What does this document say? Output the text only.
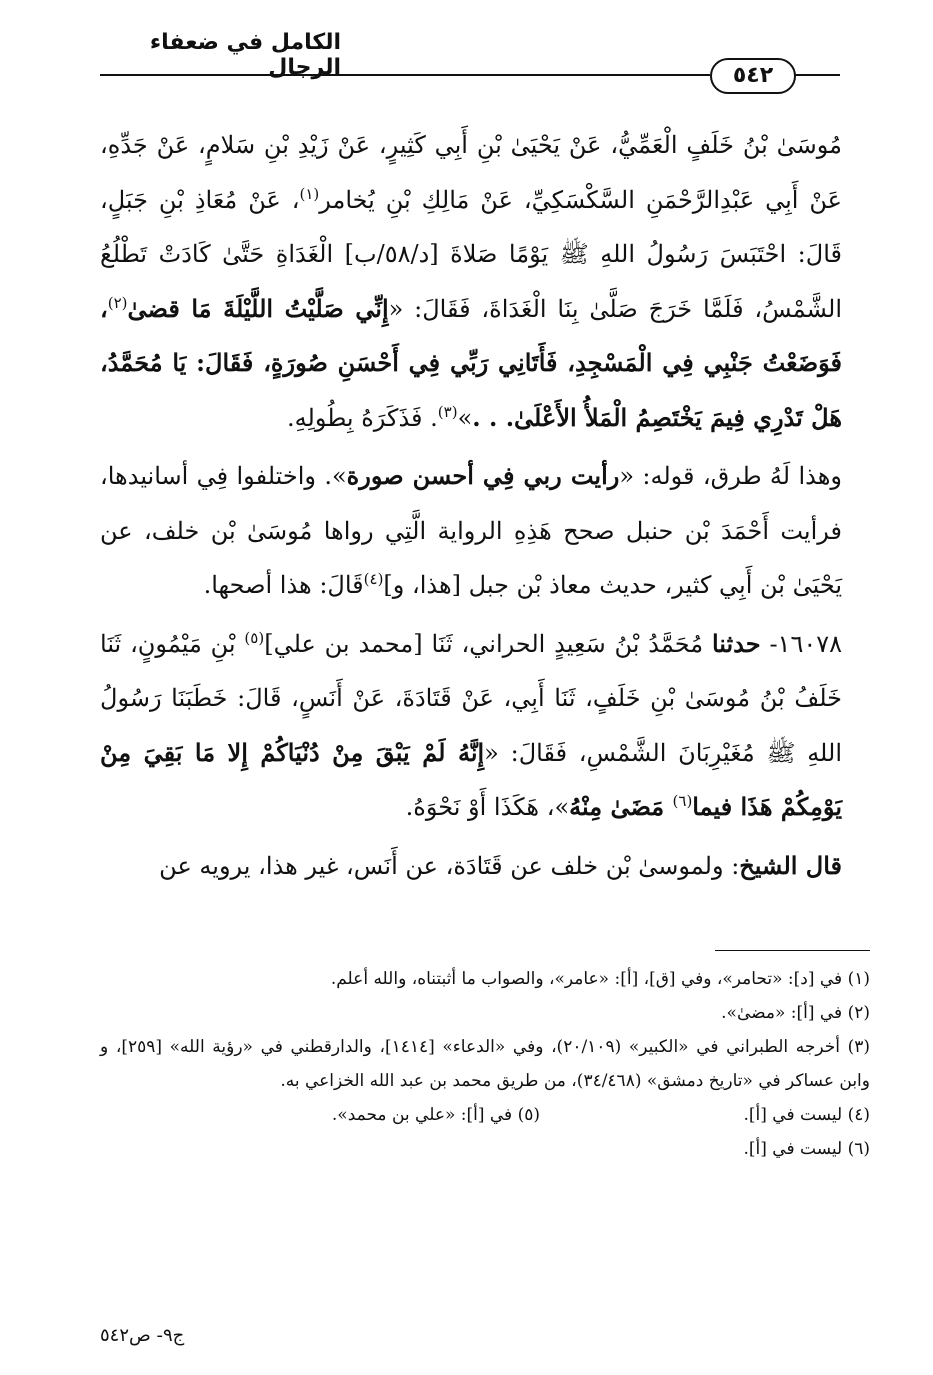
الكامل في ضعفاء الرجال	٥٤٢

مُوسَىٰ بْنُ خَلَفٍ الْعَمِّيُّ، عَنْ يَحْيَىٰ بْنِ أَبِي كَثِيرٍ، عَنْ زَيْدِ بْنِ سَلامٍ، عَنْ جَدِّهِ، عَنْ أَبِي عَبْدِالرَّحْمَنِ السَّكْسَكِيِّ، عَنْ مَالِكِ بْنِ يُخامر$^{(١)}$، عَنْ مُعَاذِ بْنِ جَبَلٍ، قَالَ: احْتَبَسَ رَسُولُ اللهِ ﷺ يَوْمًا صَلاةَ [د/٥٨/ب] الْغَدَاةِ حَتَّىٰ كَادَتْ تَطْلُعُ الشَّمْسُ، فَلَمَّا خَرَجَ صَلَّىٰ بِنَا الْغَدَاةَ، فَقَالَ: «إِنِّي صَلَّيْتُ اللَّيْلَةَ مَا قضىٰ$^{(٢)}$، فَوَضَعْتُ جَنْبِي فِي الْمَسْجِدِ، فَأَتَانِي رَبِّي فِي أَحْسَنِ صُورَةٍ، فَقَالَ: يَا مُحَمَّدُ، هَلْ تَدْرِي فِيمَ يَخْتَصِمُ الْمَلأُ الأَعْلَىٰ. . .»$^{(٣)}$. فَذَكَرَهُ بِطُولِهِ.

وهذا لَهُ طرق، قوله: «رأيت ربي فِي أحسن صورة». واختلفوا فِي أسانيدها، فرأيت أَحْمَدَ بْن حنبل صحح هَذِهِ الرواية الَّتِي رواها مُوسَىٰ بْن خلف، عن يَحْيَىٰ بْن أَبِي كثير، حديث معاذ بْن جبل [هذا، و]$^{(٤)}$قَالَ: هذا أصحها.

١٦٠٧٨- حدثنا مُحَمَّدُ بْنُ سَعِيدٍ الحراني، ثَنَا [محمد بن علي]$^{(٥)}$ بْنِ مَيْمُونٍ، ثَنَا خَلَفُ بْنُ مُوسَىٰ بْنِ خَلَفٍ، ثَنَا أَبِي، عَنْ قَتَادَةَ، عَنْ أَنَسٍ، قَالَ: خَطَبَنَا رَسُولُ اللهِ ﷺ مُغَيْرِبَانَ الشَّمْسِ، فَقَالَ: «إِنَّهُ لَمْ يَبْقَ مِنْ دُنْيَاكُمْ إِلا مَا بَقِيَ مِنْ يَوْمِكُمْ هَذَا فيما$^{(٦)}$ مَضَىٰ مِنْهُ»، هَكَذَا أَوْ نَحْوَهُ.

قال الشيخ: ولموسىٰ بْن خلف عن قَتَادَة، عن أَنَس، غير هذا، يرويه عن

(١) في [د]: «تحامر»، وفي [ق]، [أ]: «عامر»، والصواب ما أثبتناه، والله أعلم.

(٢) في [أ]: «مضىٰ».

(٣) أخرجه الطبراني في «الكبير» (٢٠/١٠٩)، وفي «الدعاء» [١٤١٤]، والدارقطني في «رؤية الله» [٢٥٩]، و وابن عساكر في «تاريخ دمشق» (٣٤/٤٦٨)، من طريق محمد بن عبد الله الخزاعي به.

(٤) ليست في [أ].

(٥) في [أ]: «علي بن محمد».

(٦) ليست في [أ].

ج٩- ص٥٤٢
